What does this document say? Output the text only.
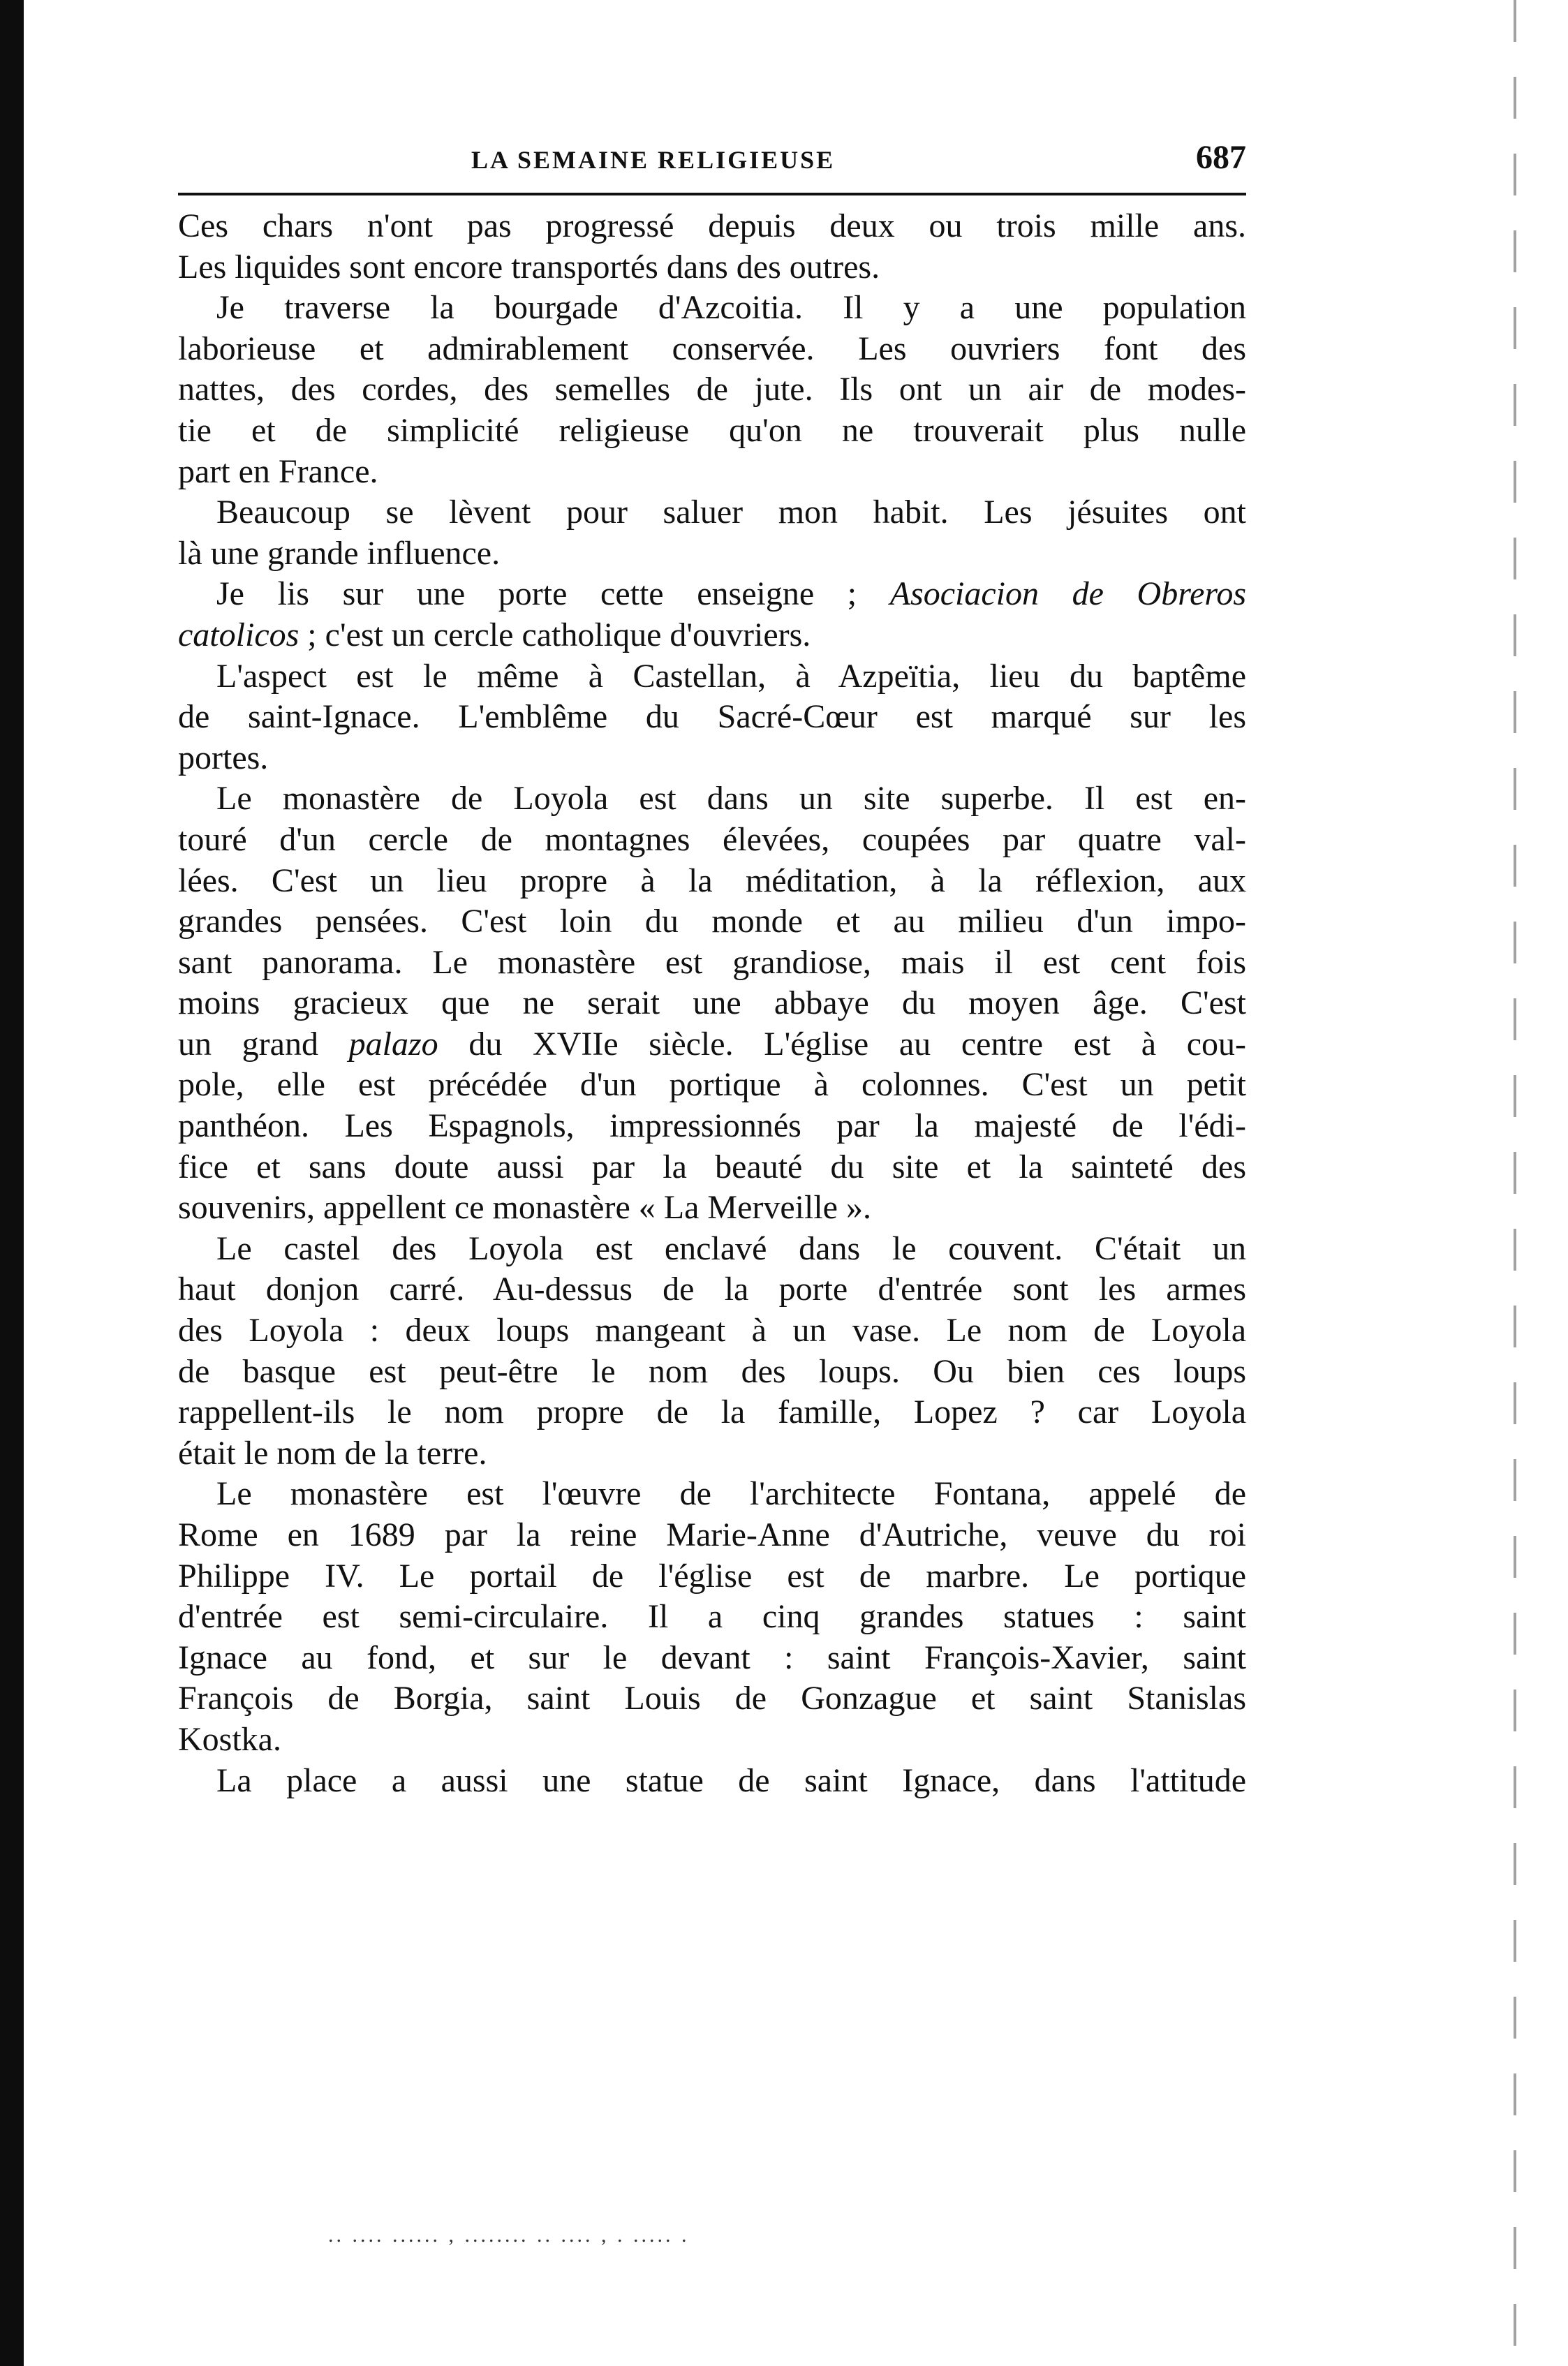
LA SEMAINE RELIGIEUSE	687
Ces chars n'ont pas progressé depuis deux ou trois mille ans.
Les liquides sont encore transportés dans des outres.
Je traverse la bourgade d'Azcoitia. Il y a une population
laborieuse et admirablement conservée. Les ouvriers font des
nattes, des cordes, des semelles de jute. Ils ont un air de modes-
tie et de simplicité religieuse qu'on ne trouverait plus nulle
part en France.
Beaucoup se lèvent pour saluer mon habit. Les jésuites ont
là une grande influence.
Je lis sur une porte cette enseigne ; Asociacion de Obreros
catolicos ; c'est un cercle catholique d'ouvriers.
L'aspect est le même à Castellan, à Azpeïtia, lieu du baptême
de saint-Ignace. L'emblême du Sacré-Cœur est marqué sur les
portes.
Le monastère de Loyola est dans un site superbe. Il est en-
touré d'un cercle de montagnes élevées, coupées par quatre val-
lées. C'est un lieu propre à la méditation, à la réflexion, aux
grandes pensées. C'est loin du monde et au milieu d'un impo-
sant panorama. Le monastère est grandiose, mais il est cent fois
moins gracieux que ne serait une abbaye du moyen âge. C'est
un grand palazo du XVIIe siècle. L'église au centre est à cou-
pole, elle est précédée d'un portique à colonnes. C'est un petit
panthéon. Les Espagnols, impressionnés par la majesté de l'édi-
fice et sans doute aussi par la beauté du site et la sainteté des
souvenirs, appellent ce monastère « La Merveille ».
Le castel des Loyola est enclavé dans le couvent. C'était un
haut donjon carré. Au-dessus de la porte d'entrée sont les armes
des Loyola : deux loups mangeant à un vase. Le nom de Loyola
de basque est peut-être le nom des loups. Ou bien ces loups
rappellent-ils le nom propre de la famille, Lopez ? car Loyola
était le nom de la terre.
Le monastère est l'œuvre de l'architecte Fontana, appelé de
Rome en 1689 par la reine Marie-Anne d'Autriche, veuve du roi
Philippe IV. Le portail de l'église est de marbre. Le portique
d'entrée est semi-circulaire. Il a cinq grandes statues : saint
Ignace au fond, et sur le devant : saint François-Xavier, saint
François de Borgia, saint Louis de Gonzague et saint Stanislas
Kostka.
La place a aussi une statue de saint Ignace, dans l'attitude
.. .... ...... , ........ .. .... , . ..... .
